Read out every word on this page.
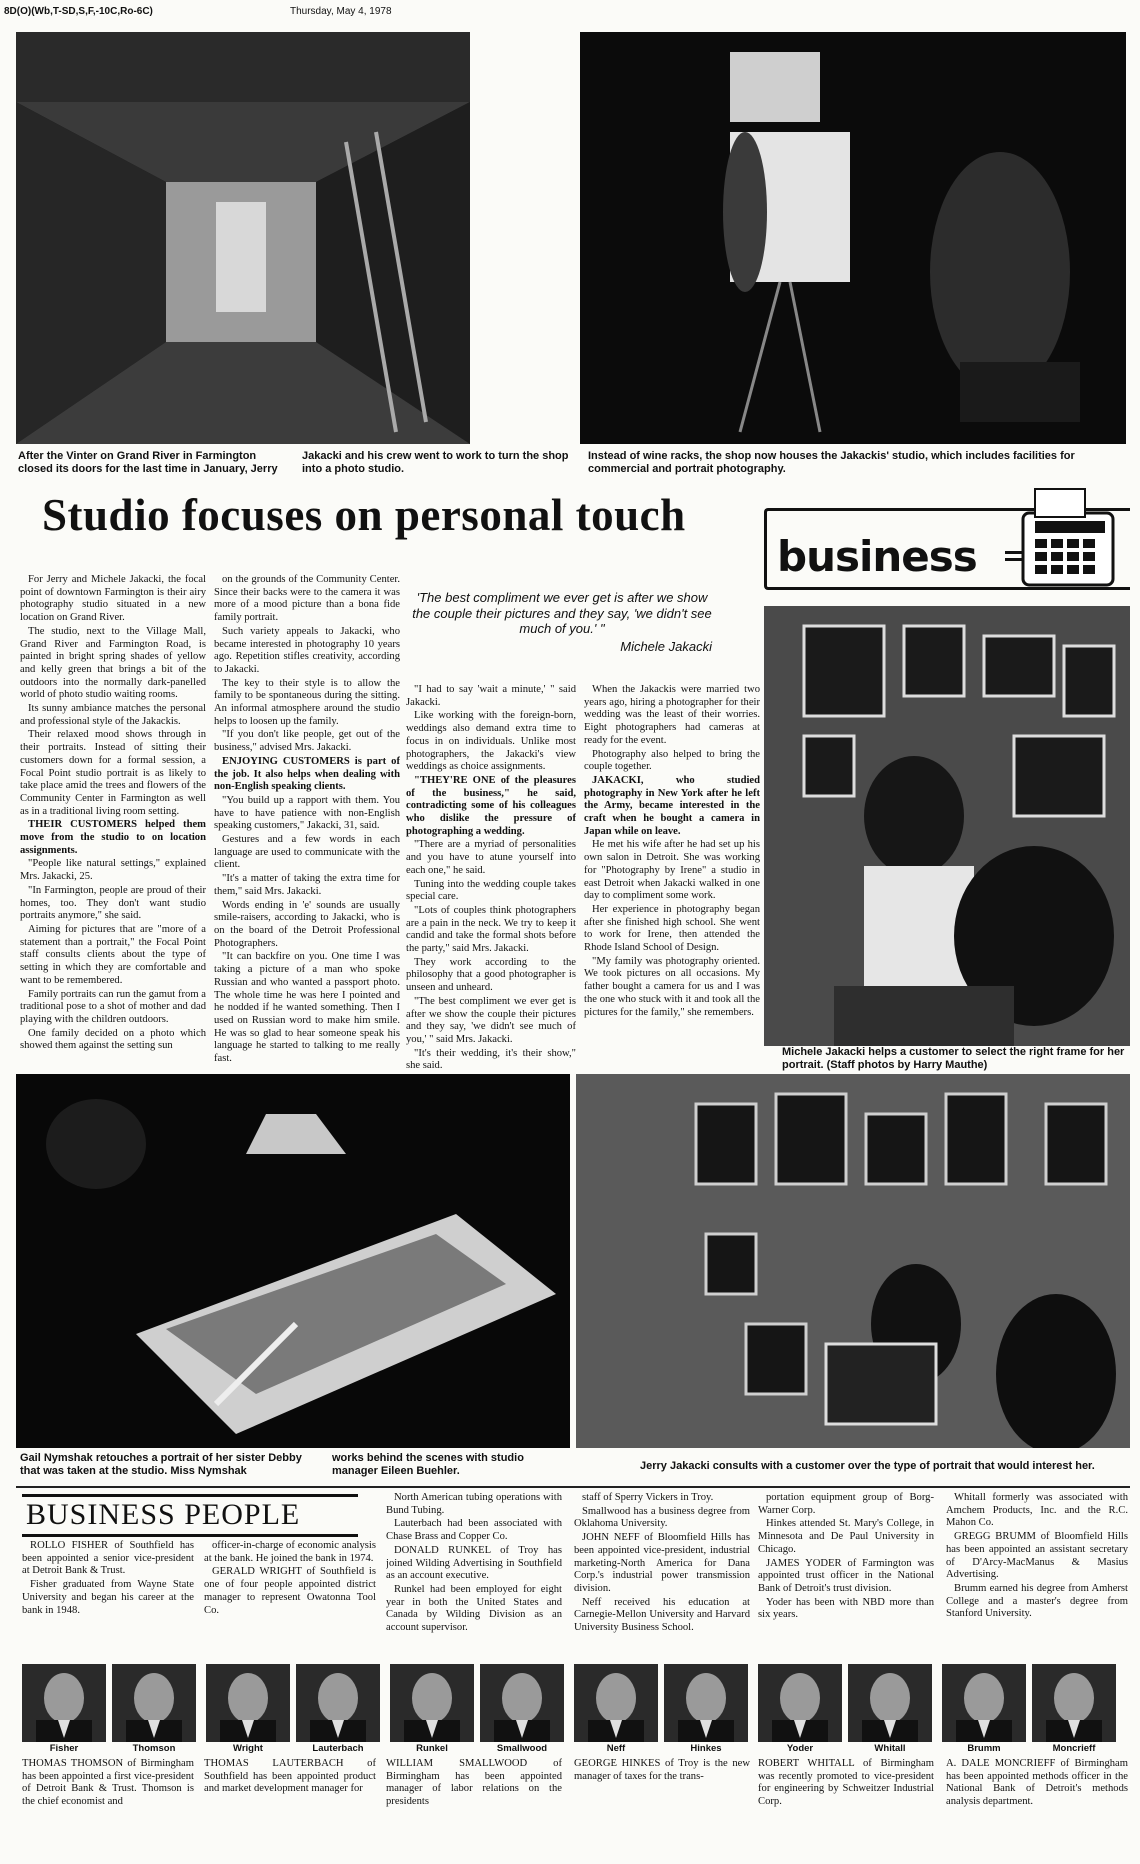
8D(O)(Wb,T-SD,S,F,-10C,Ro-6C)	Thursday, May 4, 1978
After the Vinter on Grand River in Farmington closed its doors for the last time in January, Jerry
Jakacki and his crew went to work to turn the shop into a photo studio.
Instead of wine racks, the shop now houses the Jakackis' studio, which includes facilities for commercial and portrait photography.
Studio focuses on personal touch
business
'The best compliment we ever get is after we show the couple their pictures and they say, 'we didn't see much of you.' "
Michele Jakacki

For Jerry and Michele Jakacki, the focal point of downtown Farmington is their airy photography studio situated in a new location on Grand River.

The studio, next to the Village Mall, Grand River and Farmington Road, is painted in bright spring shades of yellow and kelly green that brings a bit of the outdoors into the normally dark-panelled world of photo studio waiting rooms.

Its sunny ambiance matches the personal and professional style of the Jakackis.

Their relaxed mood shows through in their portraits. Instead of sitting their customers down for a formal session, a Focal Point studio portrait is as likely to take place amid the trees and flowers of the Community Center in Farmington as well as in a traditional living room setting.

THEIR CUSTOMERS helped them move from the studio to on location assignments.

"People like natural settings," explained Mrs. Jakacki, 25.

"In Farmington, people are proud of their homes, too. They don't want studio portraits anymore," she said.

Aiming for pictures that are "more of a statement than a portrait," the Focal Point staff consults clients about the type of setting in which they are comfortable and want to be remembered.

Family portraits can run the gamut from a traditional pose to a shot of mother and dad playing with the children outdoors.

One family decided on a photo which showed them against the setting sun

on the grounds of the Community Center. Since their backs were to the camera it was more of a mood picture than a bona fide family portrait.

Such variety appeals to Jakacki, who became interested in photography 10 years ago. Repetition stifles creativity, according to Jakacki.

The key to their style is to allow the family to be spontaneous during the sitting. An informal atmosphere around the studio helps to loosen up the family.

"If you don't like people, get out of the business," advised Mrs. Jakacki.

ENJOYING CUSTOMERS is part of the job. It also helps when dealing with non-English speaking clients.

"You build up a rapport with them. You have to have patience with non-English speaking customers," Jakacki, 31, said.

Gestures and a few words in each language are used to communicate with the client.

"It's a matter of taking the extra time for them," said Mrs. Jakacki.

Words ending in 'e' sounds are usually smile-raisers, according to Jakacki, who is on the board of the Detroit Professional Photographers.

"It can backfire on you. One time I was taking a picture of a man who spoke Russian and who wanted a passport photo. The whole time he was here I pointed and he nodded if he wanted something. Then I used on Russian word to make him smile. He was so glad to hear someone speak his language he started to talking to me really fast.

"I had to say 'wait a minute,' " said Jakacki.

Like working with the foreign-born, weddings also demand extra time to focus in on individuals. Unlike most photographers, the Jakacki's view weddings as choice assignments.

"THEY'RE ONE of the pleasures of the business," he said, contradicting some of his colleagues who dislike the pressure of photographing a wedding.

"There are a myriad of personalities and you have to atune yourself into each one," he said.

Tuning into the wedding couple takes special care.

"Lots of couples think photographers are a pain in the neck. We try to keep it candid and take the formal shots before the party," said Mrs. Jakacki.

They work according to the philosophy that a good photographer is unseen and unheard.

"The best compliment we ever get is after we show the couple their pictures and they say, 'we didn't see much of you,' " said Mrs. Jakacki.

"It's their wedding, it's their show," she said.

When the Jakackis were married two years ago, hiring a photographer for their wedding was the least of their worries. Eight photographers had cameras at ready for the event.

Photography also helped to bring the couple together.

JAKACKI, who studied photography in New York after he left the Army, became interested in the craft when he bought a camera in Japan while on leave.

He met his wife after he had set up his own salon in Detroit. She was working for "Photography by Irene" a studio in east Detroit when Jakacki walked in one day to compliment some work.

Her experience in photography began after she finished high school. She went to work for Irene, then attended the Rhode Island School of Design.

"My family was photography oriented. We took pictures on all occasions. My father bought a camera for us and I was the one who stuck with it and took all the pictures for the family," she remembers.

Michele Jakacki helps a customer to select the right frame for her portrait. (Staff photos by Harry Mauthe)
Gail Nymshak retouches a portrait of her sister Debby that was taken at the studio. Miss Nymshak
works behind the scenes with studio manager Eileen Buehler.	Jerry Jakacki consults with a customer over the type of portrait that would interest her.
BUSINESS PEOPLE

ROLLO FISHER of Southfield has been appointed a senior vice-president at Detroit Bank & Trust.

Fisher graduated from Wayne State University and began his career at the bank in 1948.

officer-in-charge of economic analysis at the bank. He joined the bank in 1974.

GERALD WRIGHT of Southfield is one of four people appointed district manager to represent Owatonna Tool Co.

North American tubing operations with Bund Tubing.

Lauterbach had been associated with Chase Brass and Copper Co.

DONALD RUNKEL of Troy has joined Wilding Advertising in Southfield as an account executive.

Runkel had been employed for eight year in both the United States and Canada by Wilding Division as an account supervisor.

staff of Sperry Vickers in Troy.

Smallwood has a business degree from Oklahoma University.

JOHN NEFF of Bloomfield Hills has been appointed vice-president, industrial marketing-North America for Dana Corp.'s industrial power transmission division.

Neff received his education at Carnegie-Mellon University and Harvard University Business School.

portation equipment group of Borg-Warner Corp.

Hinkes attended St. Mary's College, in Minnesota and De Paul University in Chicago.

JAMES YODER of Farmington was appointed trust officer in the National Bank of Detroit's trust division.

Yoder has been with NBD more than six years.

Whitall formerly was associated with Amchem Products, Inc. and the R.C. Mahon Co.

GREGG BRUMM of Bloomfield Hills has been appointed an assistant secretary of D'Arcy-MacManus & Masius Advertising.

Brumm earned his degree from Amherst College and a master's degree from Stanford University.

Fisher	Thomson	Wright	Lauterbach	Runkel	Smallwood	Neff	Hinkes	Yoder	Whitall	Brumm	Moncrieff
THOMAS THOMSON of Birmingham has been appointed a first vice-president of Detroit Bank & Trust. Thomson is the chief economist and
THOMAS LAUTERBACH of Southfield has been appointed product and market development manager for
WILLIAM SMALLWOOD of Birmingham has been appointed manager of labor relations on the presidents
GEORGE HINKES of Troy is the new manager of taxes for the trans-
ROBERT WHITALL of Birmingham was recently promoted to vice-president for engineering by Schweitzer Industrial Corp.
A. DALE MONCRIEFF of Birmingham has been appointed methods officer in the National Bank of Detroit's methods analysis department.
